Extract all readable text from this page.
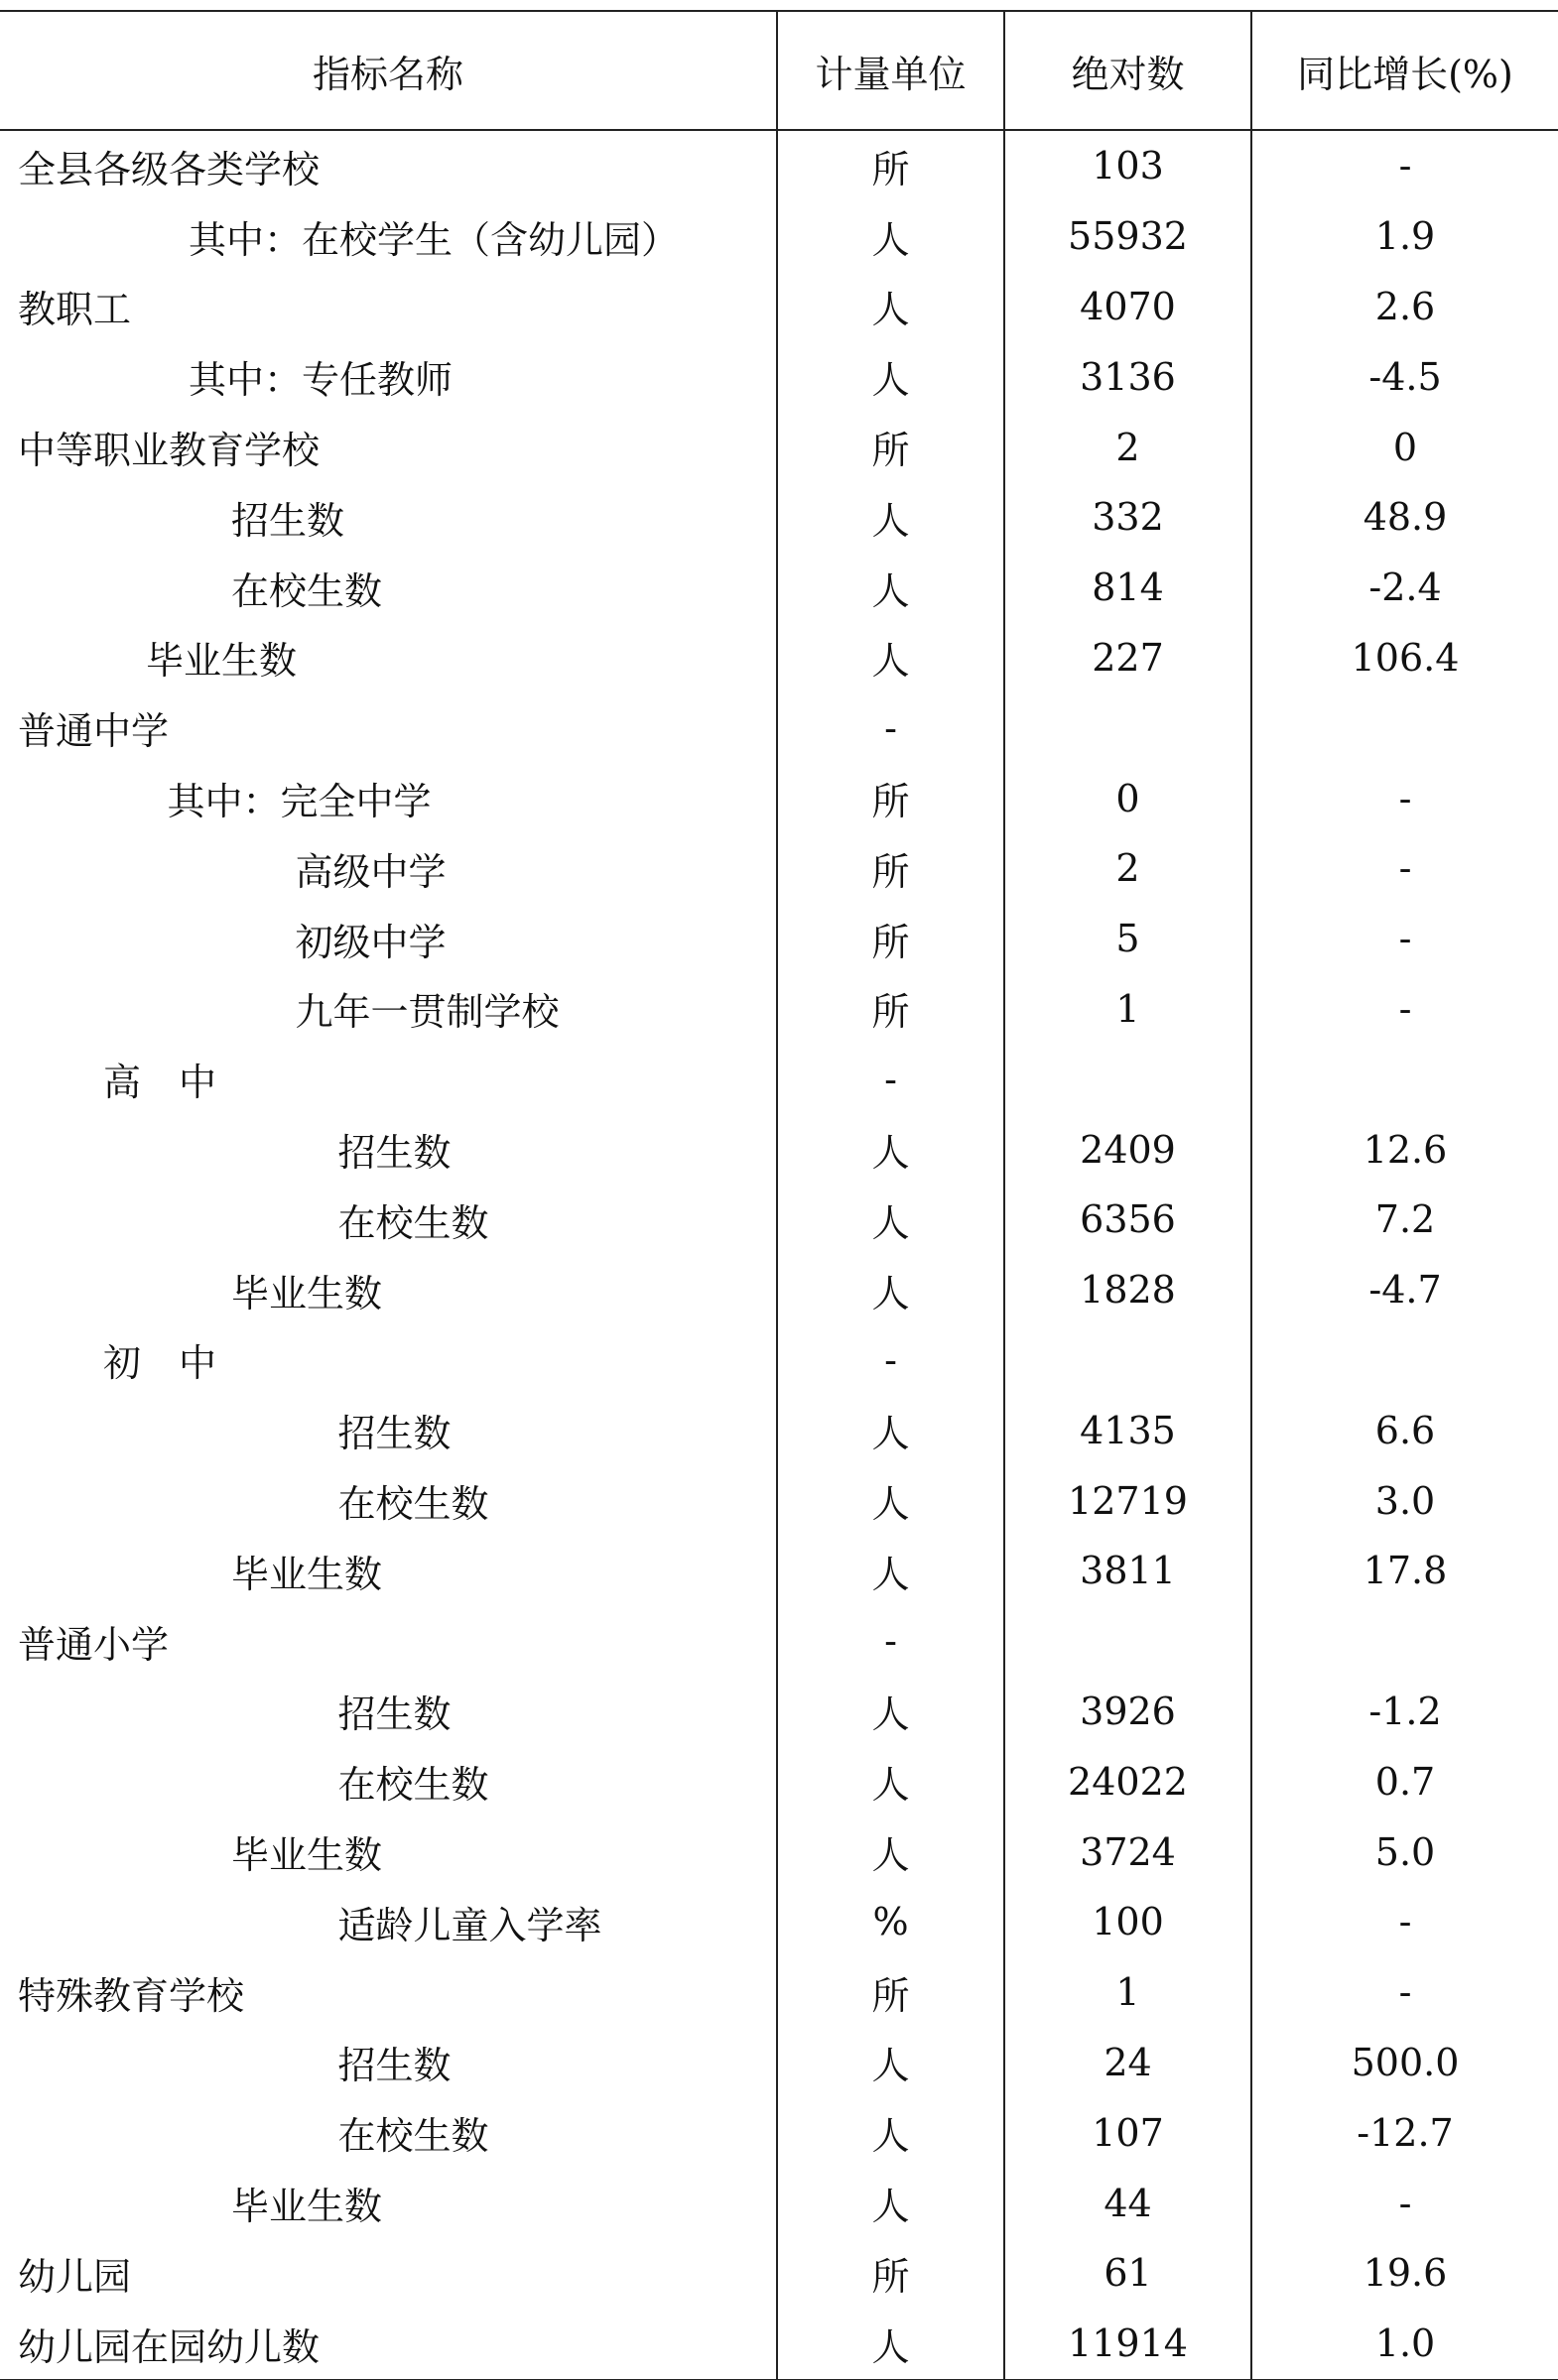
指标名称	计量单位	绝对数	同比增长(%)
全县各级各类学校	所	103	-
其中：在校学生（含幼儿园）	人	55932	1.9
教职工	人	4070	2.6
其中：专任教师	人	3136	-4.5
中等职业教育学校	所	2	0
招生数	人	332	48.9
在校生数	人	814	-2.4
毕业生数	人	227	106.4
普通中学	-		
其中：完全中学	所	0	-
高级中学	所	2	-
初级中学	所	5	-
九年一贯制学校	所	1	-
高　中	-		
招生数	人	2409	12.6
在校生数	人	6356	7.2
毕业生数	人	1828	-4.7
初　中	-		
招生数	人	4135	6.6
在校生数	人	12719	3.0
毕业生数	人	3811	17.8
普通小学	-		
招生数	人	3926	-1.2
在校生数	人	24022	0.7
毕业生数	人	3724	5.0
适龄儿童入学率	%	100	-
特殊教育学校	所	1	-
招生数	人	24	500.0
在校生数	人	107	-12.7
毕业生数	人	44	-
幼儿园	所	61	19.6
幼儿园在园幼儿数	人	11914	1.0
